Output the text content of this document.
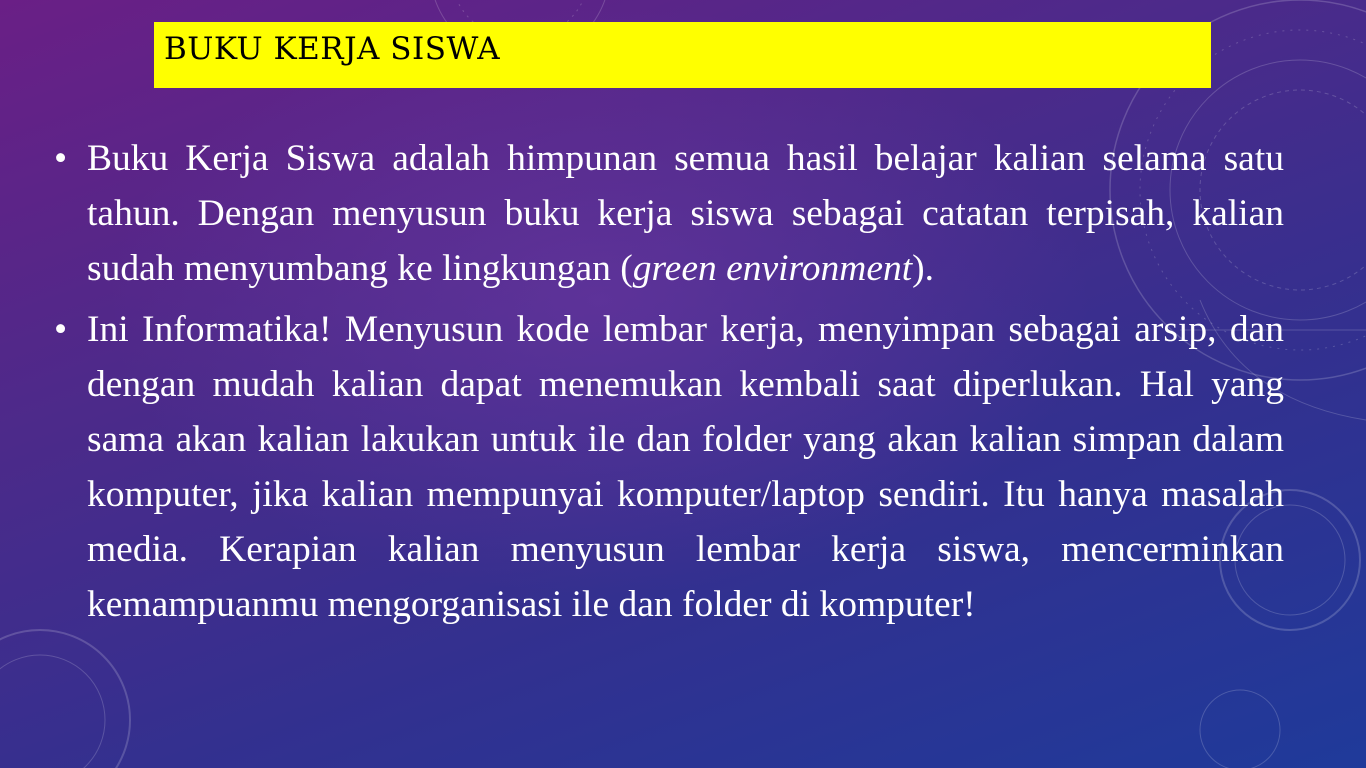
BUKU KERJA SISWA
• Buku Kerja Siswa adalah himpunan semua hasil belajar kalian selama satu tahun. Dengan menyusun buku kerja siswa sebagai catatan terpisah, kalian sudah menyumbang ke lingkungan (green environment).
• Ini Informatika! Menyusun kode lembar kerja, menyimpan sebagai arsip, dan dengan mudah kalian dapat menemukan kembali saat diperlukan. Hal yang sama akan kalian lakukan untuk ile dan folder yang akan kalian simpan dalam komputer, jika kalian mempunyai komputer/laptop sendiri. Itu hanya masalah media. Kerapian kalian menyusun lembar kerja siswa, mencerminkan kemampuanmu mengorganisasi ile dan folder di komputer!
